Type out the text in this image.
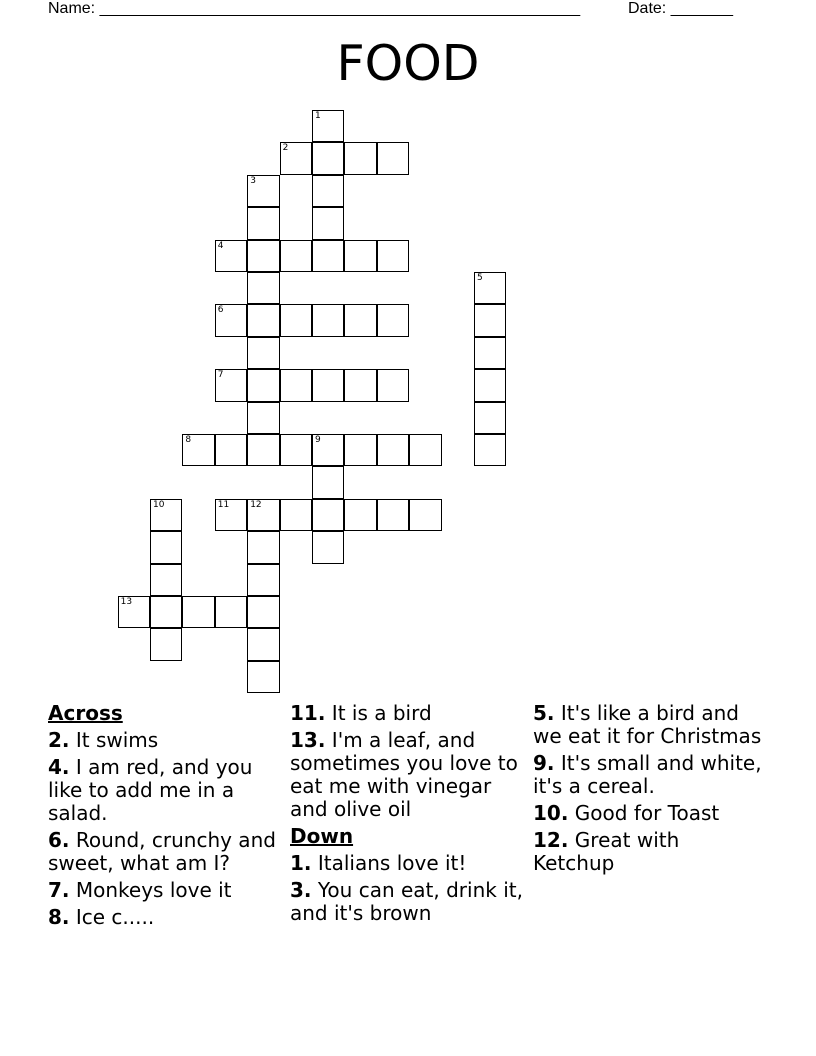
Name: ______________________________________________________	Date: _______
FOOD
1
2
3
4
5
6
7
8	9
10	11 12
13
Across
2. It swims
4. I am red, and you like to add me in a salad.
6. Round, crunchy and sweet, what am I?
7. Monkeys love it
8. Ice c.....
11. It is a bird
13. I'm a leaf, and sometimes you love to eat me with vinegar and olive oil
Down
1. Italians love it!
3. You can eat, drink it, and it's brown
5. It's like a bird and we eat it for Christmas
9. It's small and white, it's a cereal.
10. Good for Toast
12. Great with Ketchup
